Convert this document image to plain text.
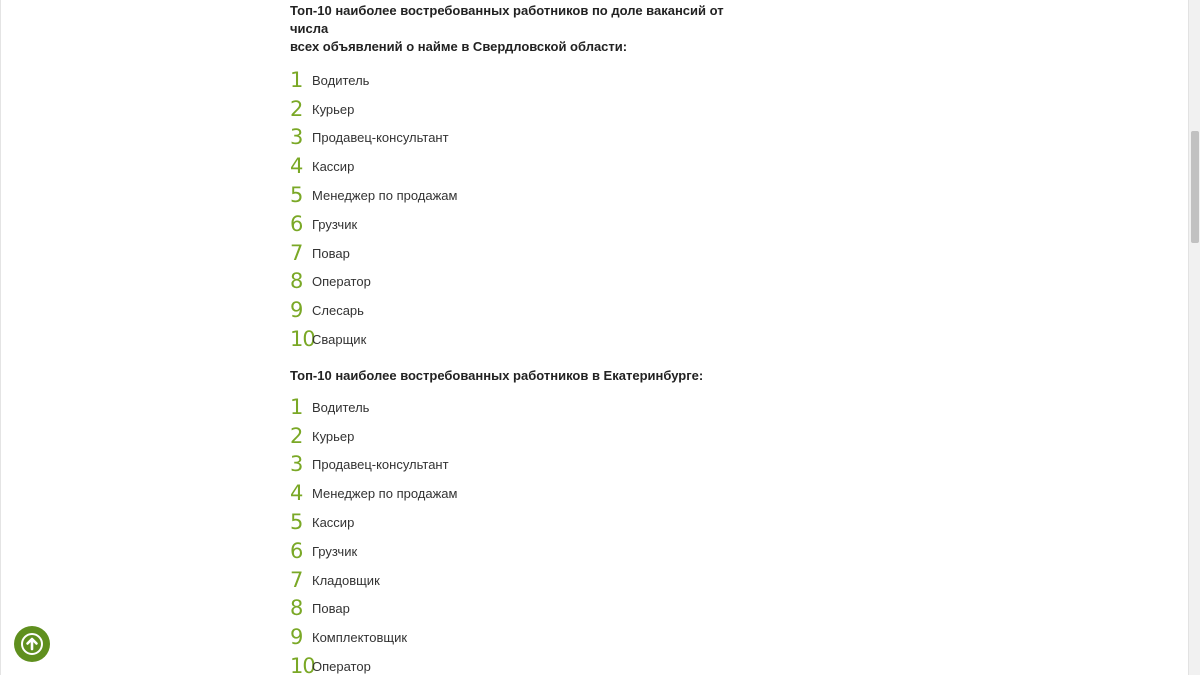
Топ-10 наиболее востребованных работников по доле вакансий от числа
всех объявлений о найме в Свердловской области:

1 Водитель
2 Курьер
3 Продавец-консультант
4 Кассир
5 Менеджер по продажам
6 Грузчик
7 Повар
8 Оператор
9 Слесарь
10
Сварщик

Топ-10 наиболее востребованных работников в Екатеринбурге:

1 Водитель
2 Курьер
3 Продавец-консультант
4 Менеджер по продажам
5 Кассир
6 Грузчик
7 Кладовщик
8 Повар
9 Комплектовщик
10
Оператор
